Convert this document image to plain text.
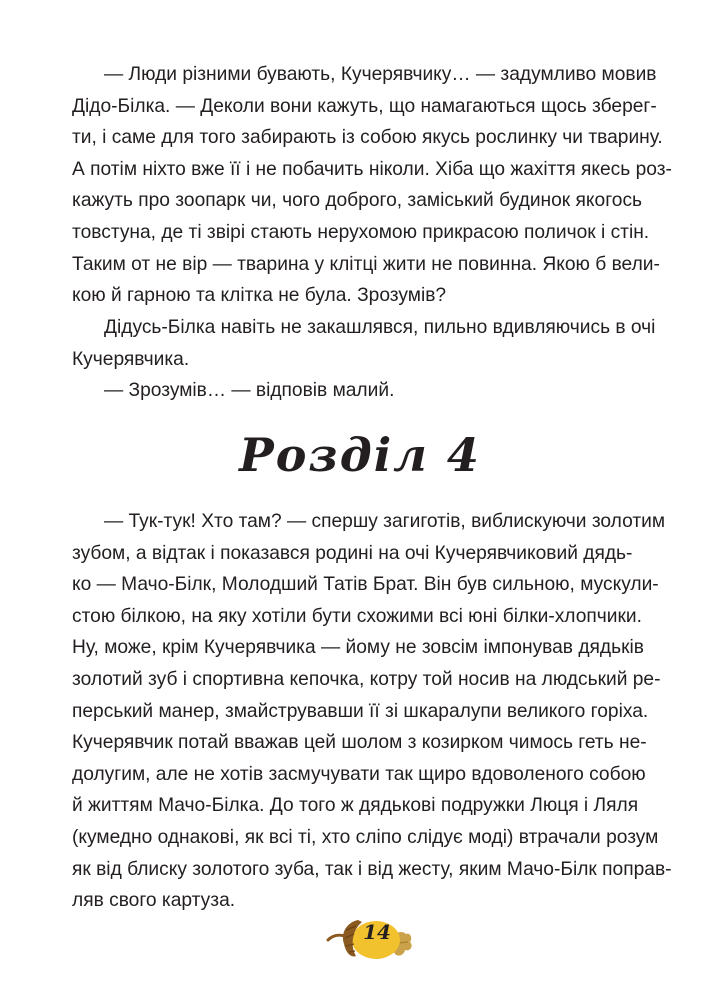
— Люди різними бувають, Кучерявчику… — задумливо мовив
Дідо-Білка. — Деколи вони кажуть, що намагаються щось зберег-
ти, і саме для того забирають із собою якусь рослинку чи тварину.
А потім ніхто вже її і не побачить ніколи. Хіба що жахіття якесь роз-
кажуть про зоопарк чи, чого доброго, заміський будинок якогось
товстуна, де ті звірі стають нерухомою прикрасою поличок і стін.
Таким от не вір — тварина у клітці жити не повинна. Якою б вели-
кою й гарною та клітка не була. Зрозумів?

Дідусь-Білка навіть не закашлявся, пильно вдивляючись в очі
Кучерявчика.

— Зрозумів… — відповів малий.

Розділ 4

— Тук-тук! Хто там? — спершу загиготів, виблискуючи золотим
зубом, а відтак і показався родині на очі Кучерявчиковий дядь-
ко — Мачо-Білк, Молодший Татів Брат. Він був сильною, мускули-
стою білкою, на яку хотіли бути схожими всі юні білки-хлопчики.
Ну, може, крім Кучерявчика — йому не зовсім імпонував дядьків
золотий зуб і спортивна кепочка, котру той носив на людський ре-
перський манер, змайструвавши її зі шкаралупи великого горіха.
Кучерявчик потай вважав цей шолом з козирком чимось геть не-
долугим, але не хотів засмучувати так щиро вдоволеного собою
й життям Мачо-Білка. До того ж дядькові подружки Люця і Ляля
(кумедно однакові, як всі ті, хто сліпо слідує моді) втрачали розум
як від блиску золотого зуба, так і від жесту, яким Мачо-Білк поправ-
ляв свого картуза.

14
